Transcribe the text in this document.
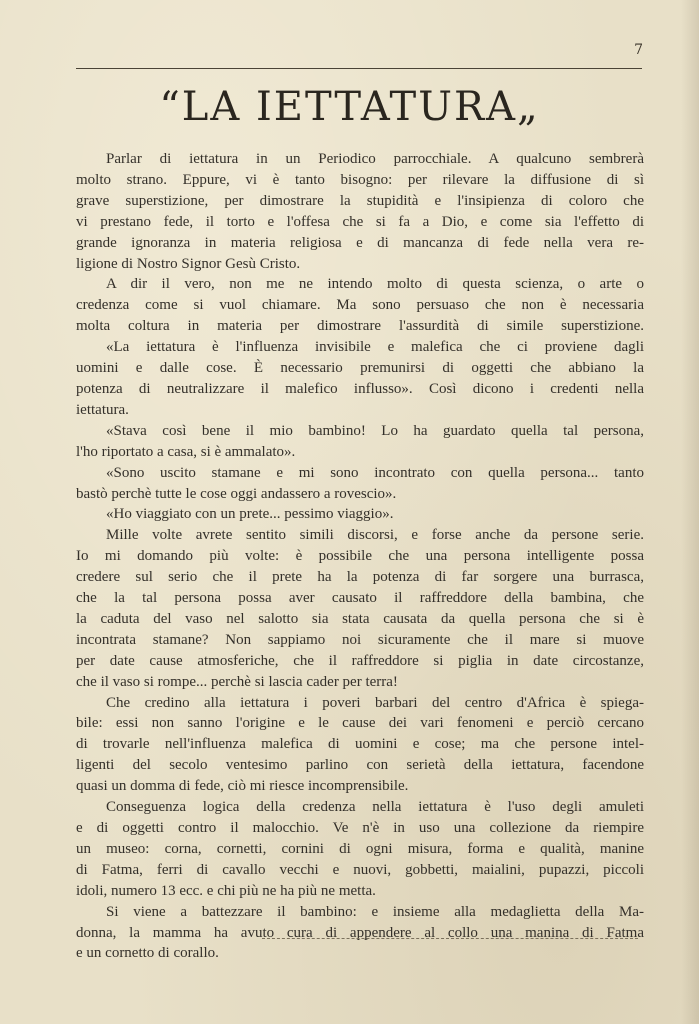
7
“LA IETTATURA„

Parlar di iettatura in un Periodico parrocchiale. A qualcuno sembrerà

molto strano. Eppure, vi è tanto bisogno: per rilevare la diffusione di sì

grave superstizione, per dimostrare la stupidità e l'insipienza di coloro che

vi prestano fede, il torto e l'offesa che si fa a Dio, e come sia l'effetto di

grande ignoranza in materia religiosa e di mancanza di fede nella vera re-

ligione di Nostro Signor Gesù Cristo.

A dir il vero, non me ne intendo molto di questa scienza, o arte o

credenza come si vuol chiamare. Ma sono persuaso che non è necessaria

molta coltura in materia per dimostrare l'assurdità di simile superstizione.

«La iettatura è l'influenza invisibile e malefica che ci proviene dagli

uomini e dalle cose. È necessario premunirsi di oggetti che abbiano la

potenza di neutralizzare il malefico influsso». Così dicono i credenti nella

iettatura.

«Stava così bene il mio bambino! Lo ha guardato quella tal persona,

l'ho riportato a casa, si è ammalato».

«Sono uscito stamane e mi sono incontrato con quella persona... tanto

bastò perchè tutte le cose oggi andassero a rovescio».

«Ho viaggiato con un prete... pessimo viaggio».

Mille volte avrete sentito simili discorsi, e forse anche da persone serie.

Io mi domando più volte: è possibile che una persona intelligente possa

credere sul serio che il prete ha la potenza di far sorgere una burrasca,

che la tal persona possa aver causato il raffreddore della bambina, che

la caduta del vaso nel salotto sia stata causata da quella persona che si è

incontrata stamane? Non sappiamo noi sicuramente che il mare si muove

per date cause atmosferiche, che il raffreddore si piglia in date circostanze,

che il vaso si rompe... perchè si lascia cader per terra!

Che credino alla iettatura i poveri barbari del centro d'Africa è spiega-

bile: essi non sanno l'origine e le cause dei vari fenomeni e perciò cercano

di trovarle nell'influenza malefica di uomini e cose; ma che persone intel-

ligenti del secolo ventesimo parlino con serietà della iettatura, facendone

quasi un domma di fede, ciò mi riesce incomprensibile.

Conseguenza logica della credenza nella iettatura è l'uso degli amuleti

e di oggetti contro il malocchio. Ve n'è in uso una collezione da riempire

un museo: corna, cornetti, cornini di ogni misura, forma e qualità, manine

di Fatma, ferri di cavallo vecchi e nuovi, gobbetti, maialini, pupazzi, piccoli

idoli, numero 13 ecc. e chi più ne ha più ne metta.

Si viene a battezzare il bambino: e insieme alla medaglietta della Ma-

donna, la mamma ha avuto cura di appendere al collo una manina di Fatma

e un cornetto di corallo.
